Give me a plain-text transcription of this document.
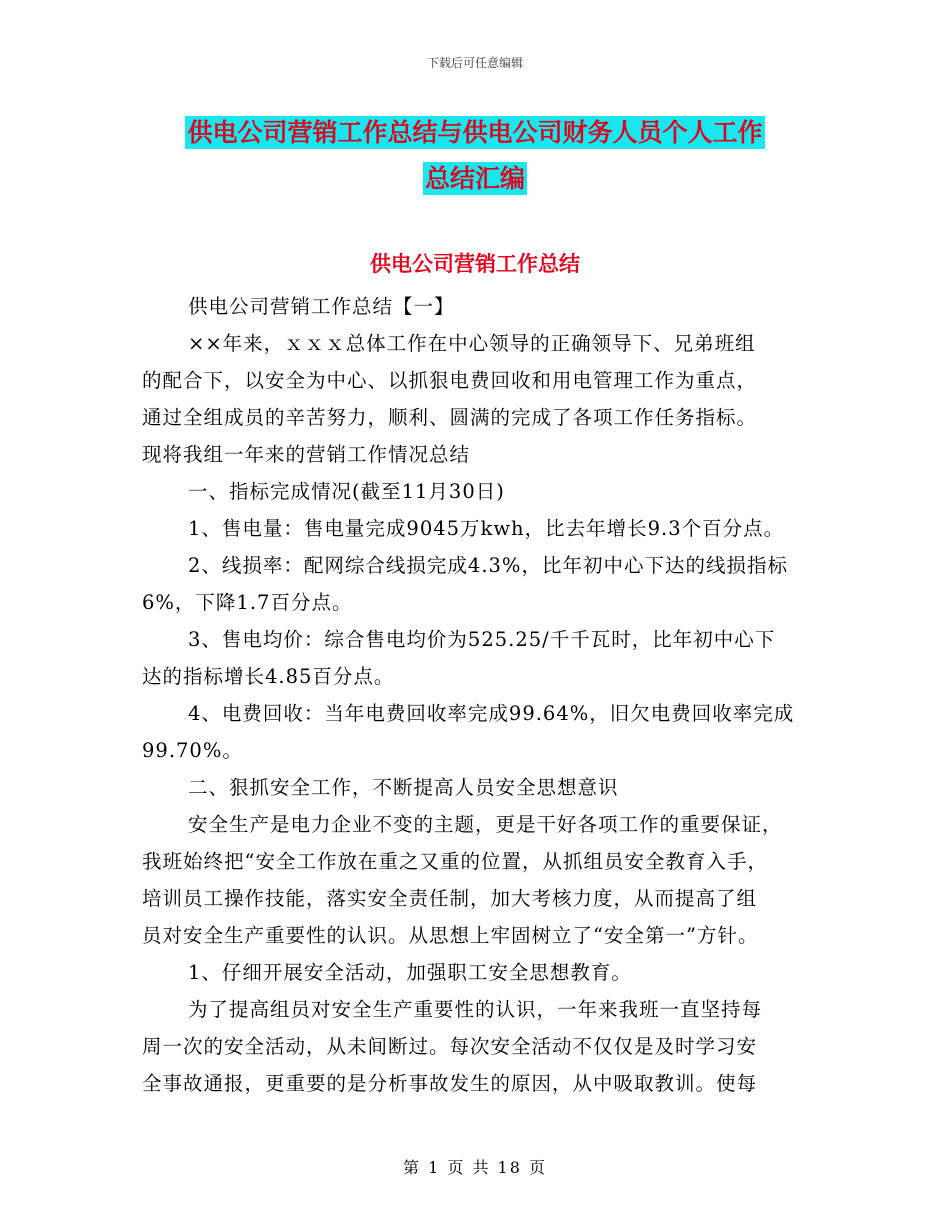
下载后可任意编辑
供电公司营销工作总结与供电公司财务人员个人工作
总结汇编
供电公司营销工作总结
供电公司营销工作总结【一】
××年来，ｘｘｘ总体工作在中心领导的正确领导下、兄弟班组
的配合下，以安全为中心、以抓狠电费回收和用电管理工作为重点，
通过全组成员的辛苦努力，顺利、圆满的完成了各项工作任务指标。
现将我组一年来的营销工作情况总结
一、指标完成情况(截至11月30日)
1、售电量：售电量完成9045万kwh，比去年增长9.3个百分点。
2、线损率：配网综合线损完成4.3%，比年初中心下达的线损指标
6%，下降1.7百分点。
3、售电均价：综合售电均价为525.25/千千瓦时，比年初中心下
达的指标增长4.85百分点。
4、电费回收：当年电费回收率完成99.64%，旧欠电费回收率完成
99.70%。
二、狠抓安全工作，不断提高人员安全思想意识
安全生产是电力企业不变的主题，更是干好各项工作的重要保证，
我班始终把“安全工作放在重之又重的位置，从抓组员安全教育入手，
培训员工操作技能，落实安全责任制，加大考核力度，从而提高了组
员对安全生产重要性的认识。从思想上牢固树立了“安全第一”方针。
1、仔细开展安全活动，加强职工安全思想教育。
为了提高组员对安全生产重要性的认识，一年来我班一直坚持每
周一次的安全活动，从未间断过。每次安全活动不仅仅是及时学习安
全事故通报，更重要的是分析事故发生的原因，从中吸取教训。使每
第 1 页 共 18 页
